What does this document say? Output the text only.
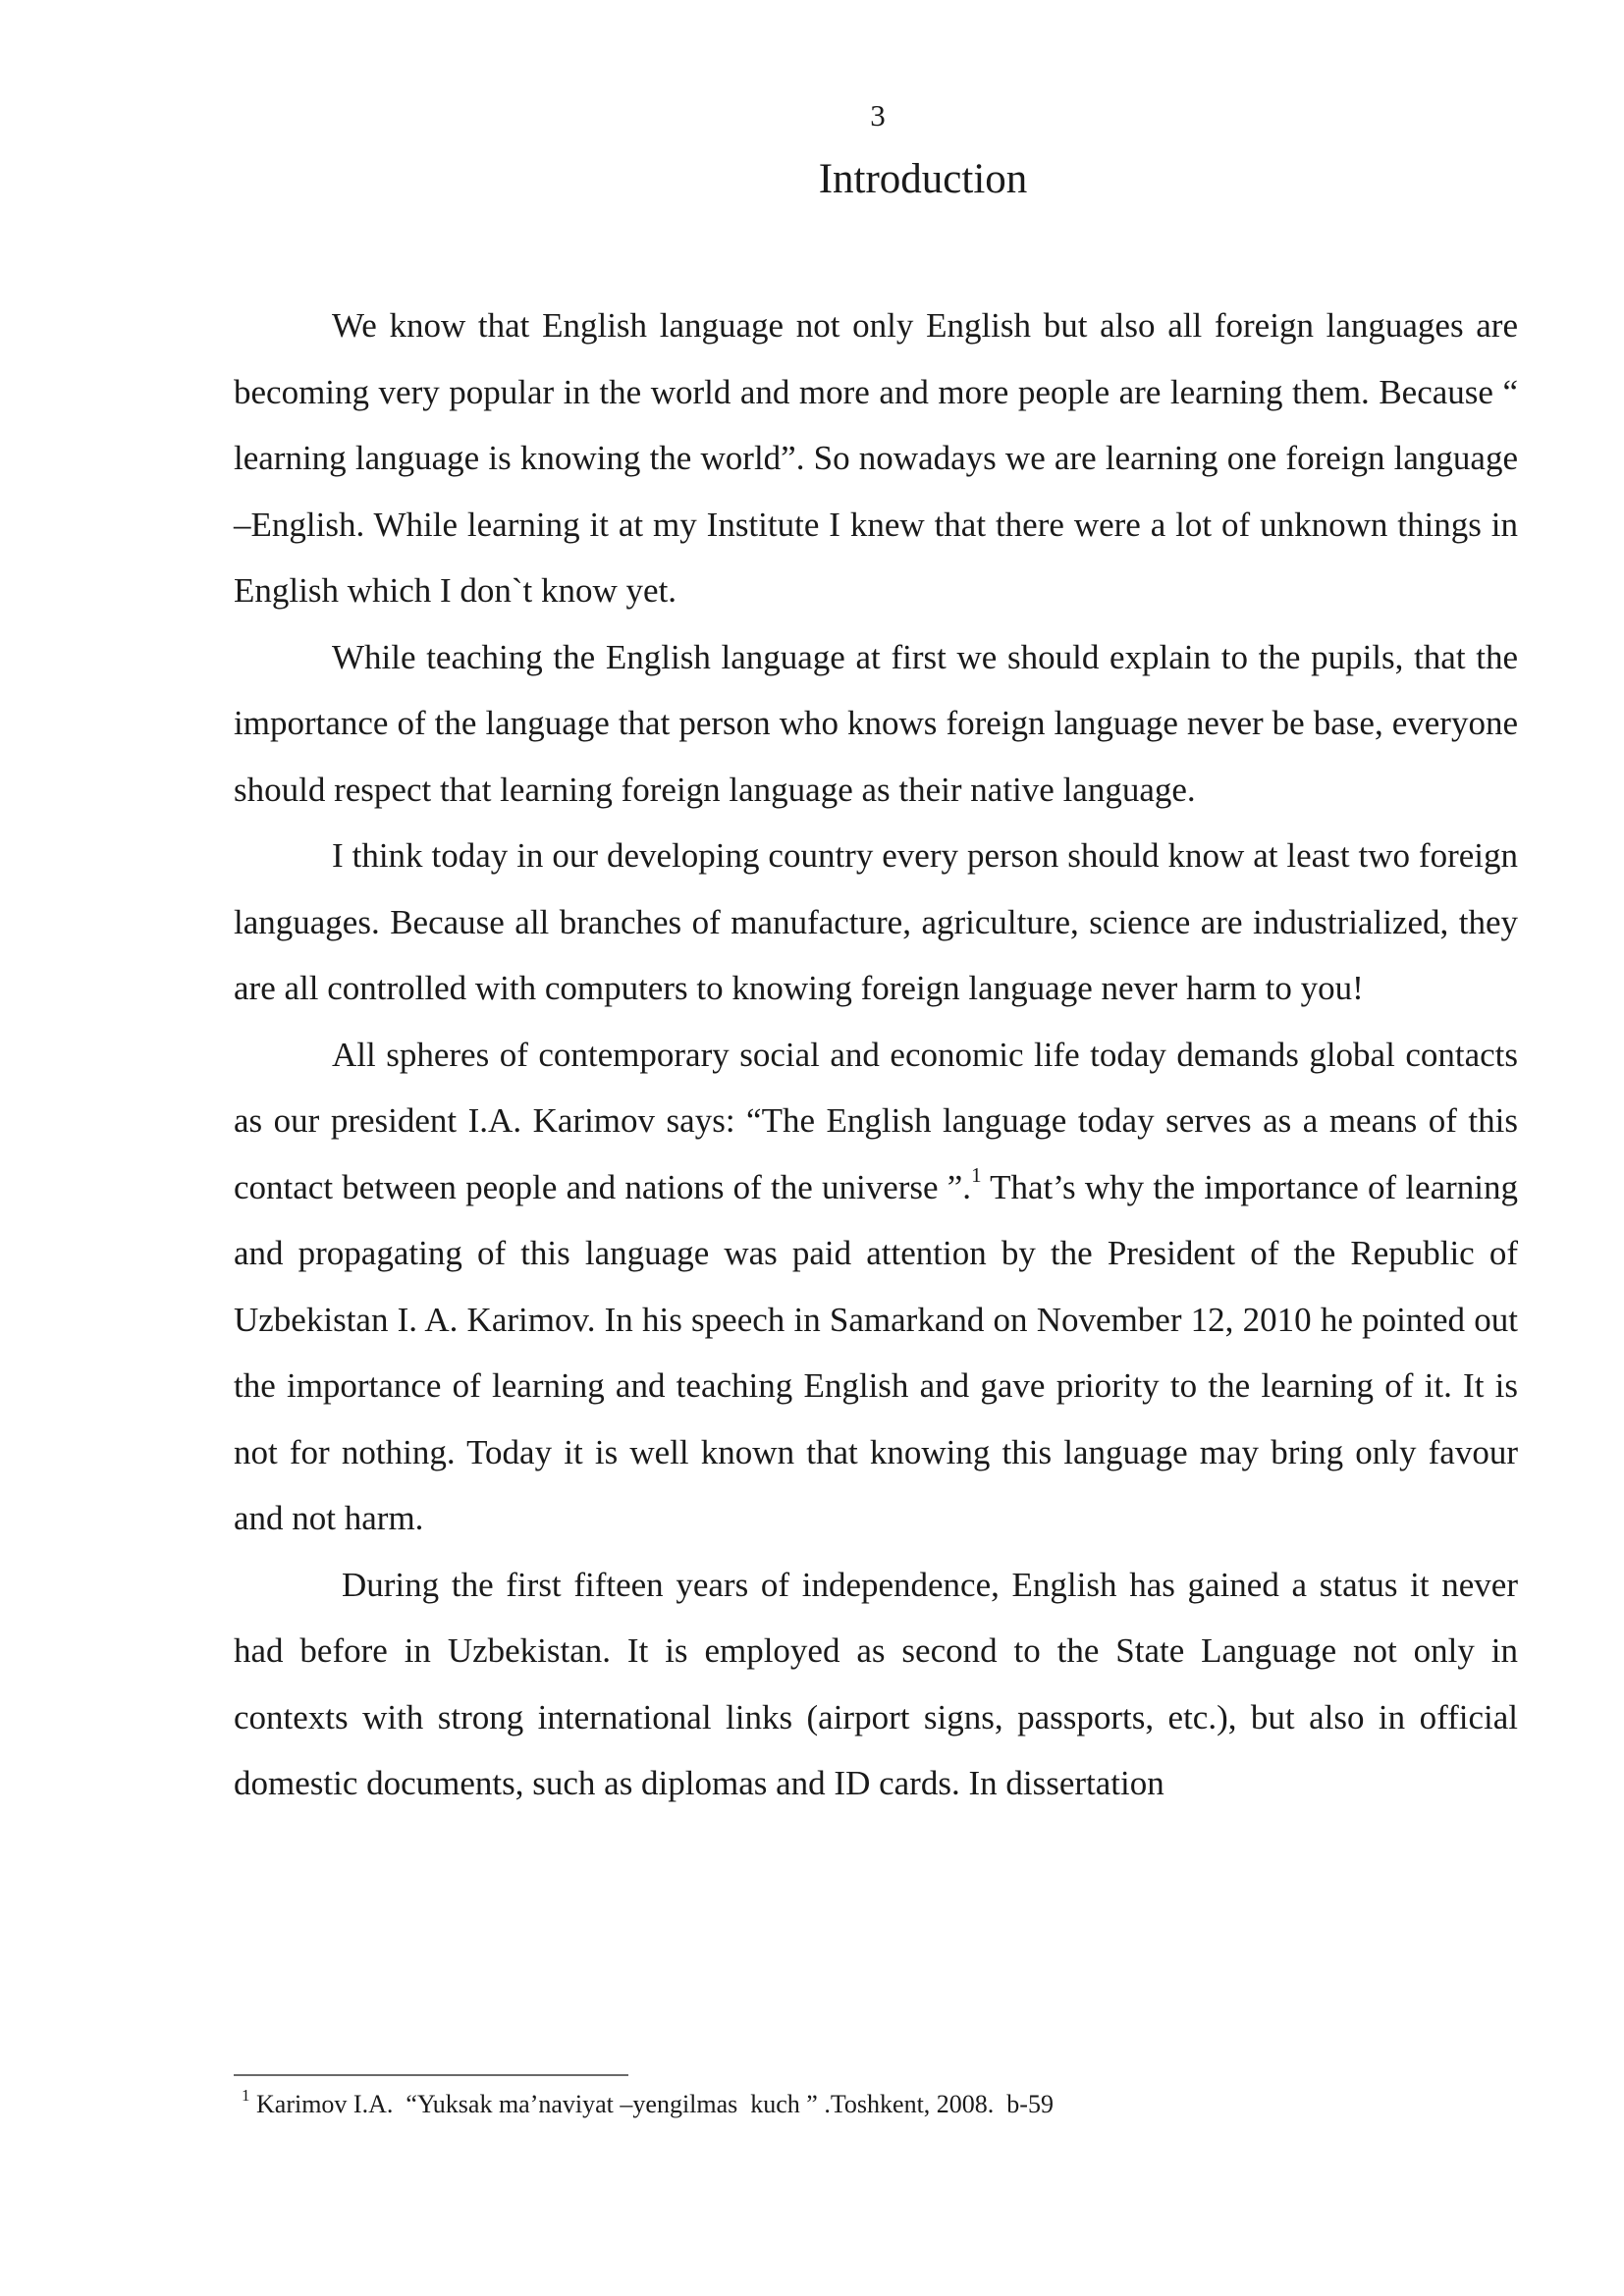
3
Introduction

We know that English language not only English but also all foreign languages are becoming very popular in the world and more and more people are learning them. Because “ learning language is knowing the world”. So nowadays we are learning one foreign language –English. While learning it at my Institute I knew that there were a lot of unknown things in English which I don`t know yet.

While teaching the English language at first we should explain to the pupils, that the importance of the language that person who knows foreign language never be base, everyone should respect that learning foreign language as their native language.

I think today in our developing country every person should know at least two foreign languages. Because all branches of manufacture, agriculture, science are industrialized, they are all controlled with computers to knowing foreign language never harm to you!

All spheres of contemporary social and economic life today demands global contacts as our president I.A. Karimov says: “The English language today serves as a means of this contact between people and nations of the universe ”.$^1$ That’s why the importance of learning and propagating of this language was paid attention by the President of the Republic of Uzbekistan I. A. Karimov. In his speech in Samarkand on November 12, 2010 he pointed out the importance of learning and teaching English and gave priority to the learning of it. It is not for nothing. Today it is well known that knowing this language may bring only favour and not harm.

During the first fifteen years of independence, English has gained a status it never had before in Uzbekistan. It is employed as second to the State Language not only in contexts with strong international links (airport signs, passports, etc.), but also in official domestic documents, such as diplomas and ID cards. In dissertation

$^1$ Karimov I.A.  “Yuksak ma’naviyat –yengilmas  kuch ” .Toshkent, 2008.  b-59
